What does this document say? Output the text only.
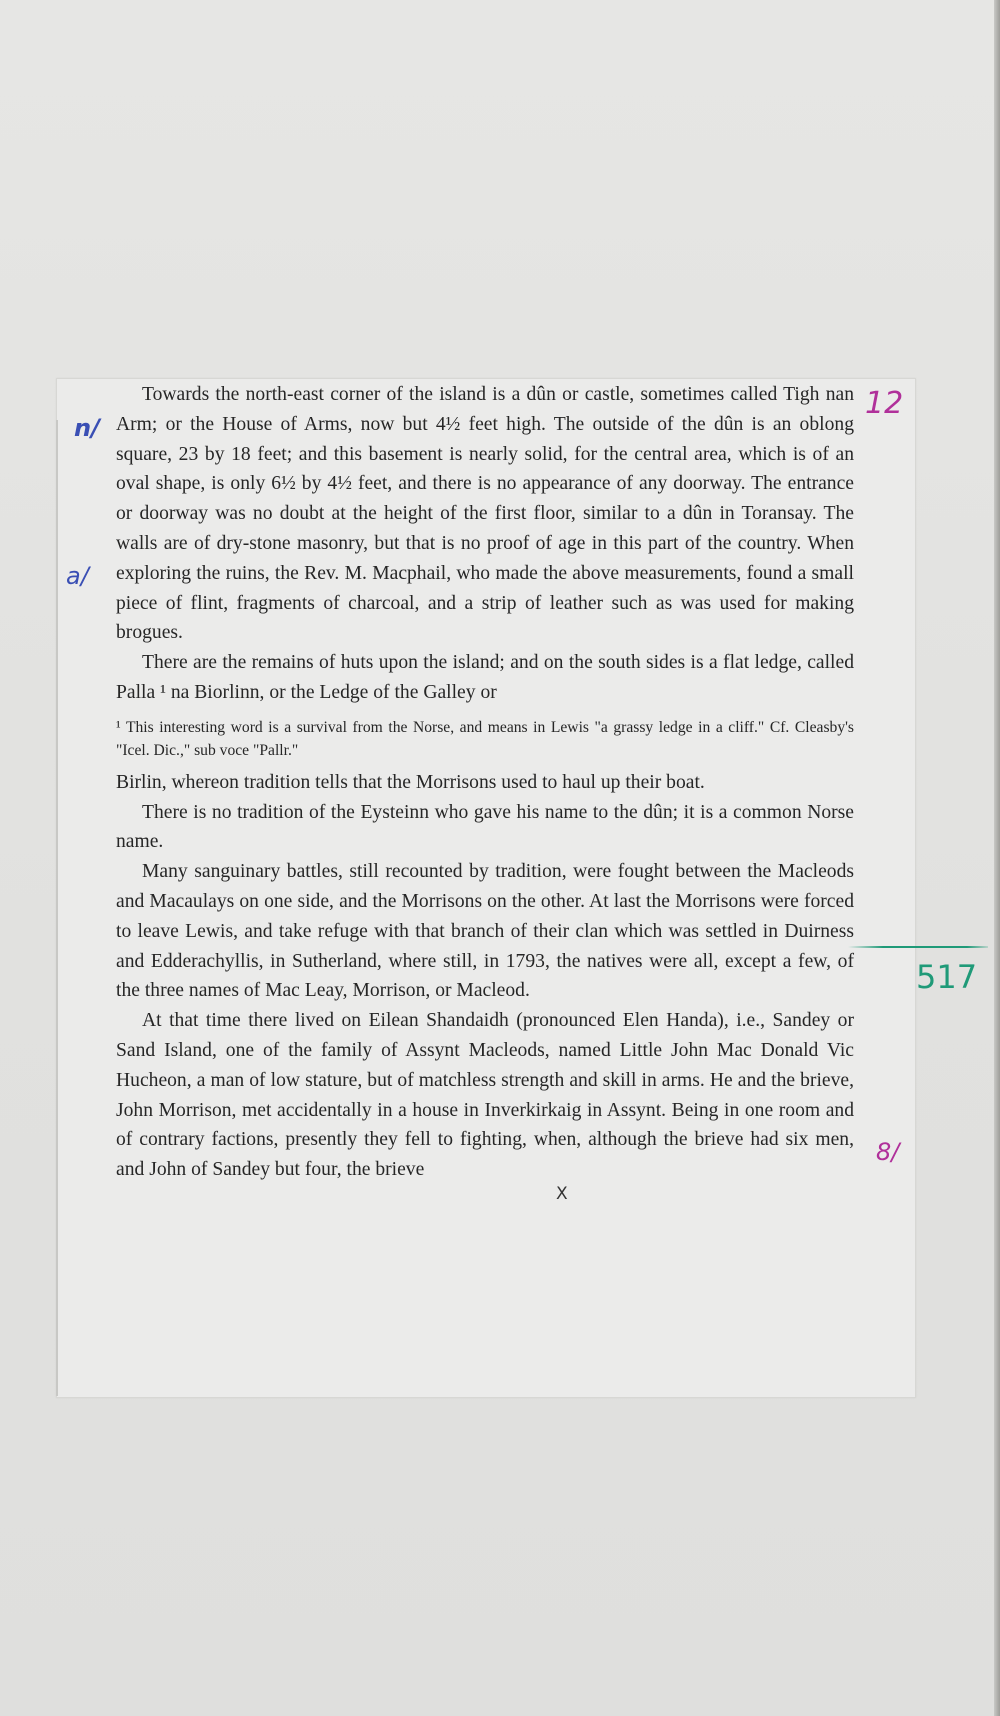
Towards the north-east corner of the island is a dûn or castle, sometimes called Tigh nan Arm; or the House of Arms, now but 4½ feet high. The outside of the dûn is an oblong square, 23 by 18 feet; and this basement is nearly solid, for the central area, which is of an oval shape, is only 6½ by 4½ feet, and there is no appearance of any doorway. The entrance or doorway was no doubt at the height of the first floor, similar to a dûn in Toransay. The walls are of dry-stone masonry, but that is no proof of age in this part of the country. When exploring the ruins, the Rev. M. Macphail, who made the above measurements, found a small piece of flint, fragments of charcoal, and a strip of leather such as was used for making brogues.

There are the remains of huts upon the island; and on the south sides is a flat ledge, called Palla ¹ na Biorlinn, or the Ledge of the Galley or

¹ This interesting word is a survival from the Norse, and means in Lewis "a grassy ledge in a cliff." Cf. Cleasby's "Icel. Dic.," sub voce "Pallr."

Birlin, whereon tradition tells that the Morrisons used to haul up their boat.

There is no tradition of the Eysteinn who gave his name to the dûn; it is a common Norse name.

Many sanguinary battles, still recounted by tradition, were fought between the Macleods and Macaulays on one side, and the Morrisons on the other. At last the Morrisons were forced to leave Lewis, and take refuge with that branch of their clan which was settled in Duirness and Edderachyllis, in Sutherland, where still, in 1793, the natives were all, except a few, of the three names of Mac Leay, Morrison, or Macleod.

At that time there lived on Eilean Shandaidh (pronounced Elen Handa), i.e., Sandey or Sand Island, one of the family of Assynt Macleods, named Little John Mac Donald Vic Hucheon, a man of low stature, but of matchless strength and skill in arms. He and the brieve, John Morrison, met accidentally in a house in Inverkirkaig in Assynt. Being in one room and of contrary factions, presently they fell to fighting, when, although the brieve had six men, and John of Sandey but four, the brieve

12
n/
a/
517
8/
X
